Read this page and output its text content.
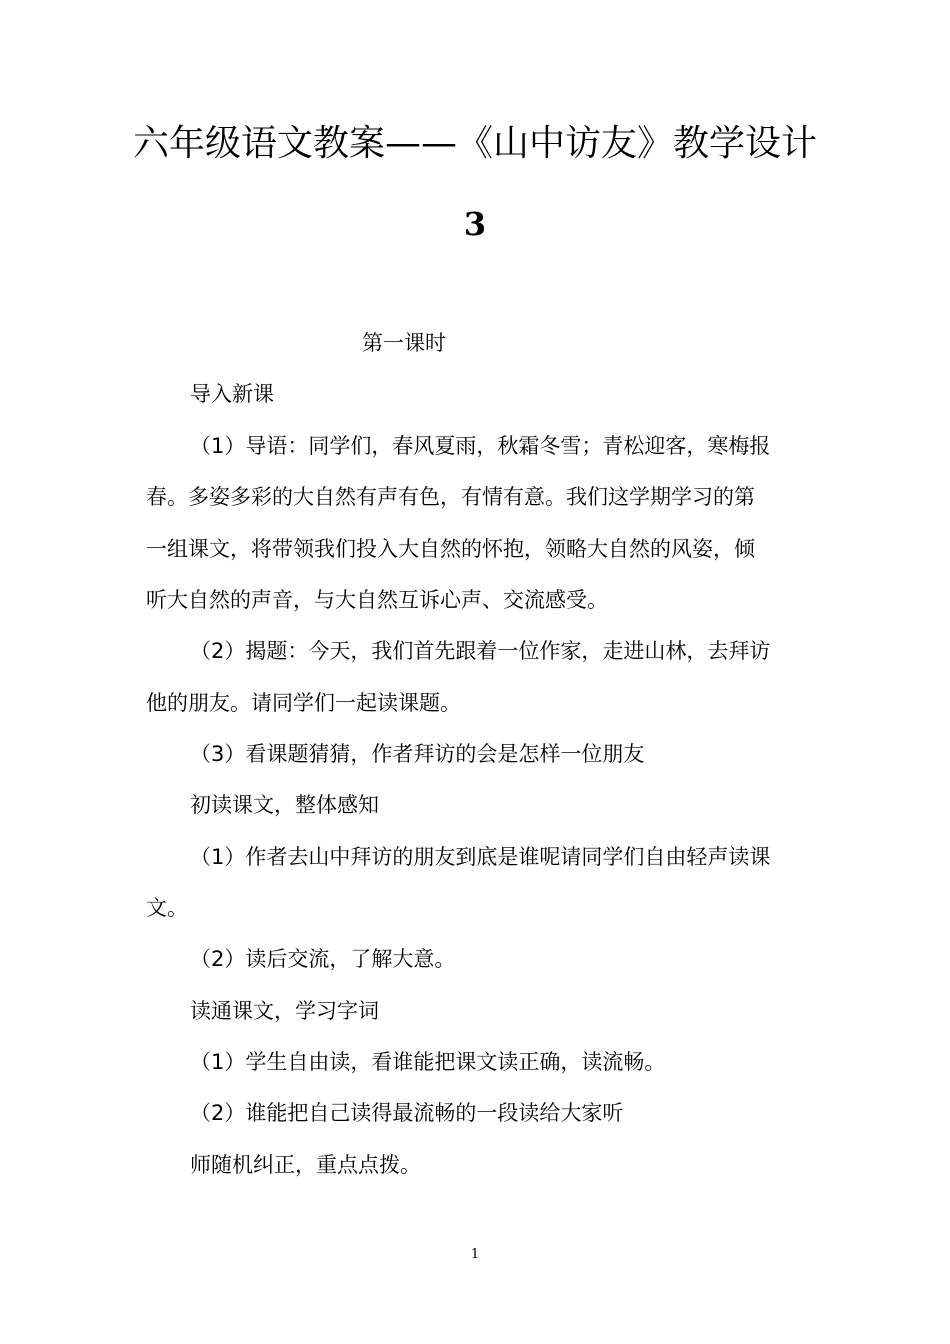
六年级语文教案——《山中访友》教学设计
3
第一课时
导入新课
（1）导语：同学们，春风夏雨，秋霜冬雪；青松迎客，寒梅报
春。多姿多彩的大自然有声有色，有情有意。我们这学期学习的第
一组课文，将带领我们投入大自然的怀抱，领略大自然的风姿，倾
听大自然的声音，与大自然互诉心声、交流感受。
（2）揭题：今天，我们首先跟着一位作家，走进山林，去拜访
他的朋友。请同学们一起读课题。
（3）看课题猜猜，作者拜访的会是怎样一位朋友
初读课文，整体感知
（1）作者去山中拜访的朋友到底是谁呢请同学们自由轻声读课
文。
（2）读后交流，了解大意。
读通课文，学习字词
（1）学生自由读，看谁能把课文读正确，读流畅。
（2）谁能把自己读得最流畅的一段读给大家听
师随机纠正，重点点拨。
1
